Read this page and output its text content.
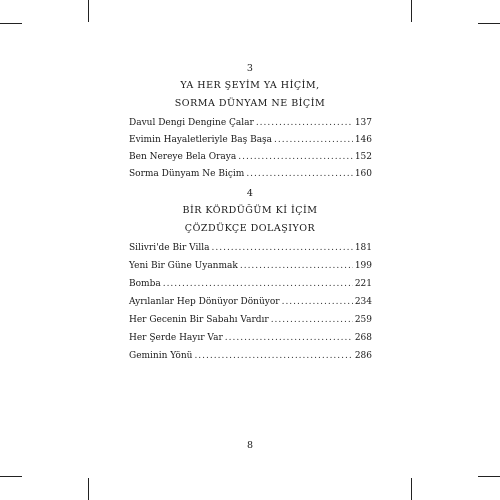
3
YA HER ŞEYİM YA HİÇİM,
SORMA DÜNYAM NE BİÇİM
Davul Dengi Dengine Çalar .....	137
Evimin Hayaletleriyle Baş Başa .....	146
Ben Nereye Bela Oraya .....	152
Sorma Dünyam Ne Biçim .....	160
4
BİR KÖRDÜĞÜM Kİ İÇİM
ÇÖZDÜKÇE DOLAŞIYOR
Silivri'de Bir Villa .....	181
Yeni Bir Güne Uyanmak .....	199
Bomba .....	221
Ayrılanlar Hep Dönüyor Dönüyor .....	234
Her Gecenin Bir Sabahı Vardır .....	259
Her Şerde Hayır Var .....	268
Geminin Yönü .....	286
8
